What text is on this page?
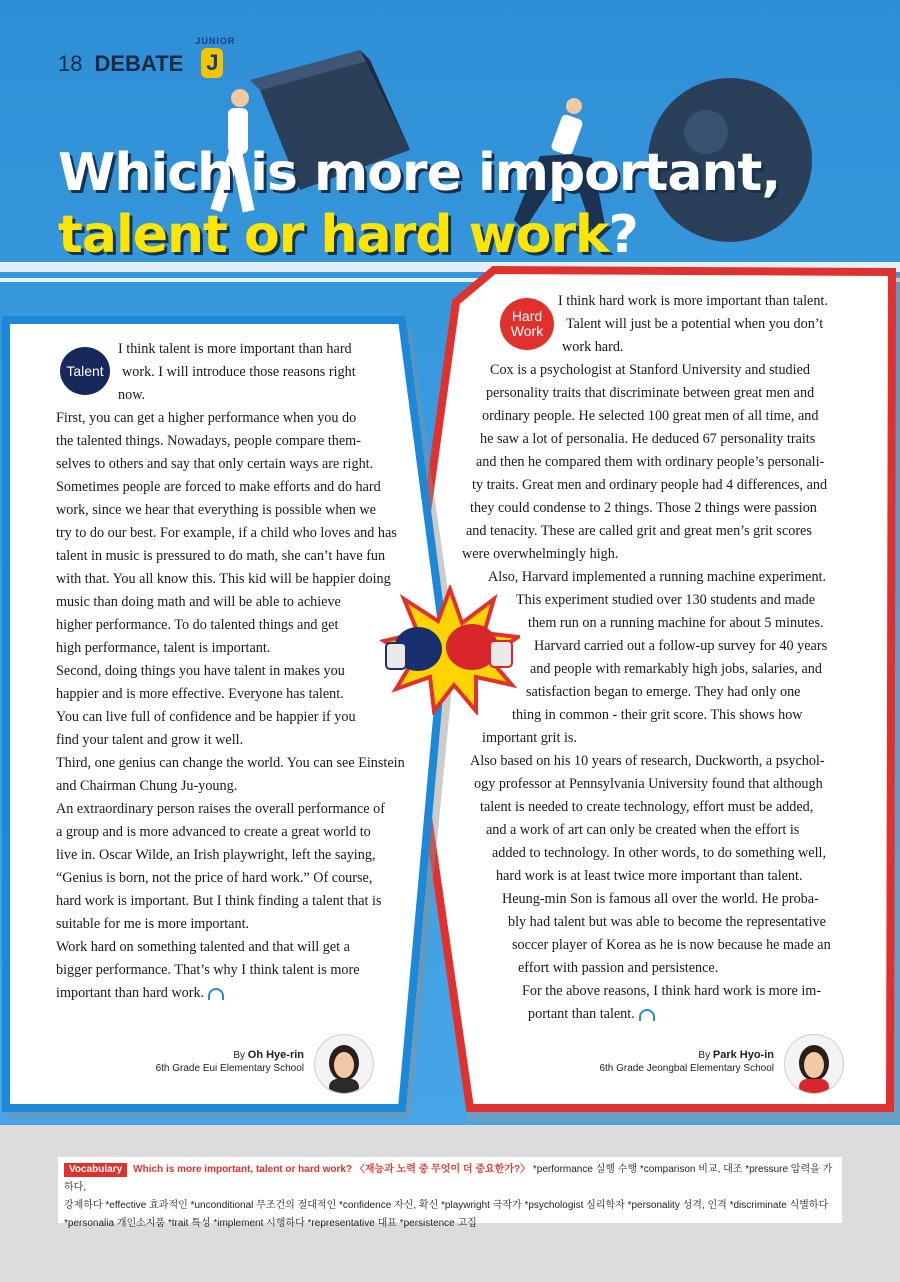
18 DEBATE
JUNIOR
J
Which is more important,
talent or hard work?
Talent
Hard
Work

I think talent is more important than hard

work. I will introduce those reasons right

now.

First, you can get a higher performance when you do

the talented things. Nowadays, people compare them-

selves to others and say that only certain ways are right.

Sometimes people are forced to make efforts and do hard

work, since we hear that everything is possible when we

try to do our best. For example, if a child who loves and has

talent in music is pressured to do math, she can’t have fun

with that. You all know this. This kid will be happier doing

music than doing math and will be able to achieve

higher performance. To do talented things and get

high performance, talent is important.

Second, doing things you have talent in makes you

happier and is more effective. Everyone has talent.

You can live full of confidence and be happier if you

find your talent and grow it well.

Third, one genius can change the world. You can see Einstein

and Chairman Chung Ju-young.

An extraordinary person raises the overall performance of

a group and is more advanced to create a great world to

live in. Oscar Wilde, an Irish playwright, left the saying,

“Genius is born, not the price of hard work.” Of course,

hard work is important. But I think finding a talent that is

suitable for me is more important.

Work hard on something talented and that will get a

bigger performance. That’s why I think talent is more

important than hard work.

I think hard work is more important than talent.

Talent will just be a potential when you don’t

work hard.

Cox is a psychologist at Stanford University and studied

personality traits that discriminate between great men and

ordinary people. He selected 100 great men of all time, and

he saw a lot of personalia. He deduced 67 personality traits

and then he compared them with ordinary people’s personali-

ty traits. Great men and ordinary people had 4 differences, and

they could condense to 2 things. Those 2 things were passion

and tenacity. These are called grit and great men’s grit scores

were overwhelmingly high.

Also, Harvard implemented a running machine experiment.

This experiment studied over 130 students and made

them run on a running machine for about 5 minutes.

Harvard carried out a follow-up survey for 40 years

and people with remarkably high jobs, salaries, and

satisfaction began to emerge. They had only one

thing in common - their grit score. This shows how

important grit is.

Also based on his 10 years of research, Duckworth, a psychol-

ogy professor at Pennsylvania University found that although

talent is needed to create technology, effort must be added,

and a work of art can only be created when the effort is

added to technology. In other words, to do something well,

hard work is at least twice more important than talent.

Heung-min Son is famous all over the world. He proba-

bly had talent but was able to become the representative

soccer player of Korea as he is now because he made an

effort with passion and persistence.

For the above reasons, I think hard work is more im-

portant than talent.

By Oh Hye-rin
6th Grade Eui Elementary School
By Park Hyo-in
6th Grade Jeongbal Elementary School
Vocabulary Which is more important, talent or hard work? 〈재능과 노력 중 무엇이 더 중요한가?〉 *performance 실행 수행 *comparison 비교, 대조 *pressure 압력을 가하다,
강제하다 *effective 효과적인 *unconditional 무조건의 절대적인 *confidence 자신, 확신 *playwright 극작가 *psychologist 심리학자 *personality 성격, 인격 *discriminate 식별하다
*personalia 개인소지품 *trait 특성 *implement 시행하다 *representative 대표 *persistence 고집
